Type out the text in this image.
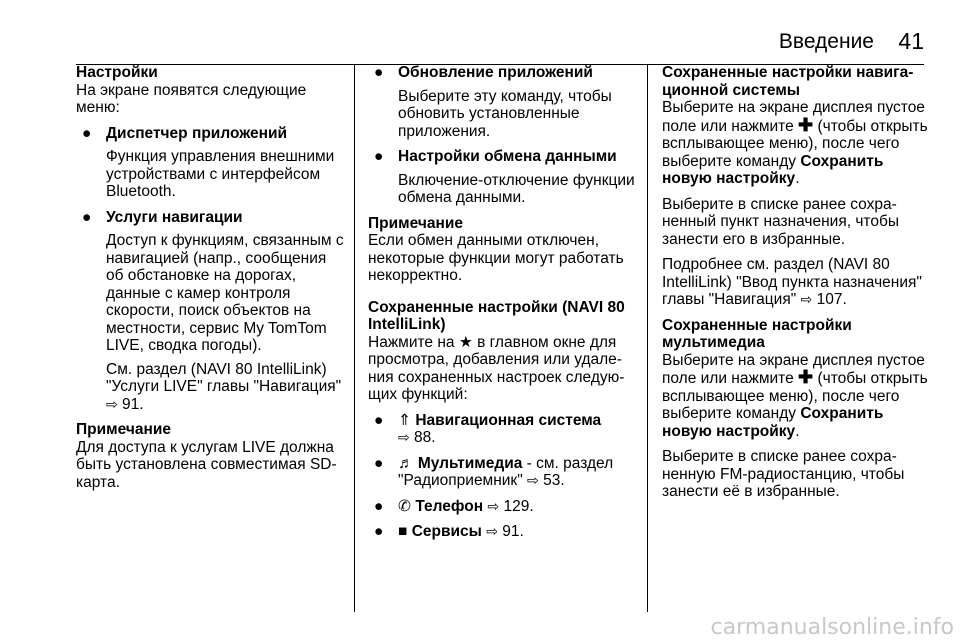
Введение 41
Настройки
На экране появятся следующие меню:
● Диспетчер приложений
Функция управления внешними устройствами с интерфейсом Bluetooth.
● Услуги навигации
Доступ к функциям, связанным с навигацией (напр., сообщения об обстановке на дорогах, данные с камер контроля скорости, поиск объектов на местности, сервис My TomTom LIVE, сводка погоды).
См. раздел (NAVI 80 IntelliLink) "Услуги LIVE" главы "Навигация" ⇨ 91.
Примечание
Для доступа к услугам LIVE должна быть установлена совместимая SD-карта.
● Обновление приложений
Выберите эту команду, чтобы обновить установленные приложения.
● Настройки обмена данными
Включение-отключение функции обмена данными.
Примечание
Если обмен данными отключен, некоторые функции могут работать некорректно.
Сохраненные настройки (NAVI 80 IntelliLink)
Нажмите на ★ в главном окне для просмотра, добавления или удаления сохраненных настроек следующих функций:
● ⇑ Навигационная система
⇨ 88.
● ♬ Мультимедиа - см. раздел "Радиоприемник" ⇨ 53.
● ✆ Телефон ⇨ 129.
● ■ Сервисы ⇨ 91.
Сохраненные настройки навигационной системы
Выберите на экране дисплея пустое поле или нажмите ✚ (чтобы открыть всплывающее меню), после чего выберите команду Сохранить новую настройку.
Выберите в списке ранее сохраненный пункт назначения, чтобы занести его в избранные.
Подробнее см. раздел (NAVI 80 IntelliLink) "Ввод пункта назначения" главы "Навигация" ⇨ 107.
Сохраненные настройки мультимедиа
Выберите на экране дисплея пустое поле или нажмите ✚ (чтобы открыть всплывающее меню), после чего выберите команду Сохранить новую настройку.
Выберите в списке ранее сохраненную FM-радиостанцию, чтобы занести её в избранные.
carmanualsonline.info
